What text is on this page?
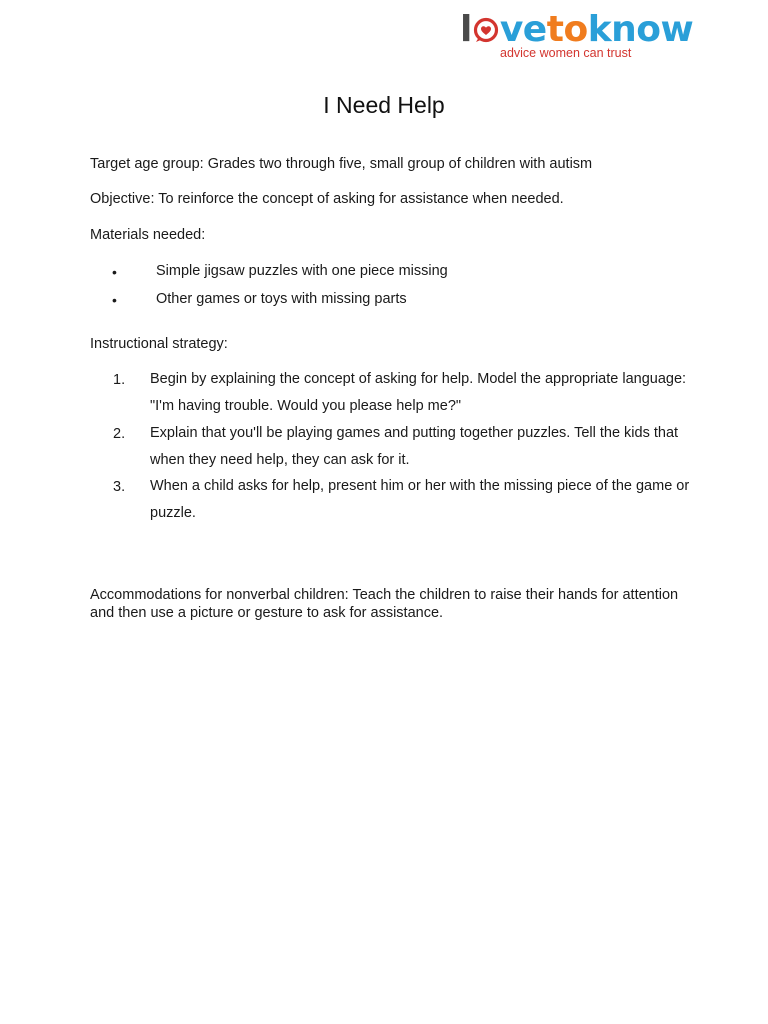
l vetoknow
advice women can trust
I Need Help
Target age group: Grades two through five, small group of children with autism
Objective: To reinforce the concept of asking for assistance when needed.
Materials needed:
•	Simple jigsaw puzzles with one piece missing
•	Other games or toys with missing parts
Instructional strategy:
1. Begin by explaining the concept of asking for help. Model the appropriate language: "I'm having trouble. Would you please help me?"
2. Explain that you'll be playing games and putting together puzzles. Tell the kids that when they need help, they can ask for it.
3. When a child asks for help, present him or her with the missing piece of the game or puzzle.
Accommodations for nonverbal children: Teach the children to raise their hands for attention and then use a picture or gesture to ask for assistance.
